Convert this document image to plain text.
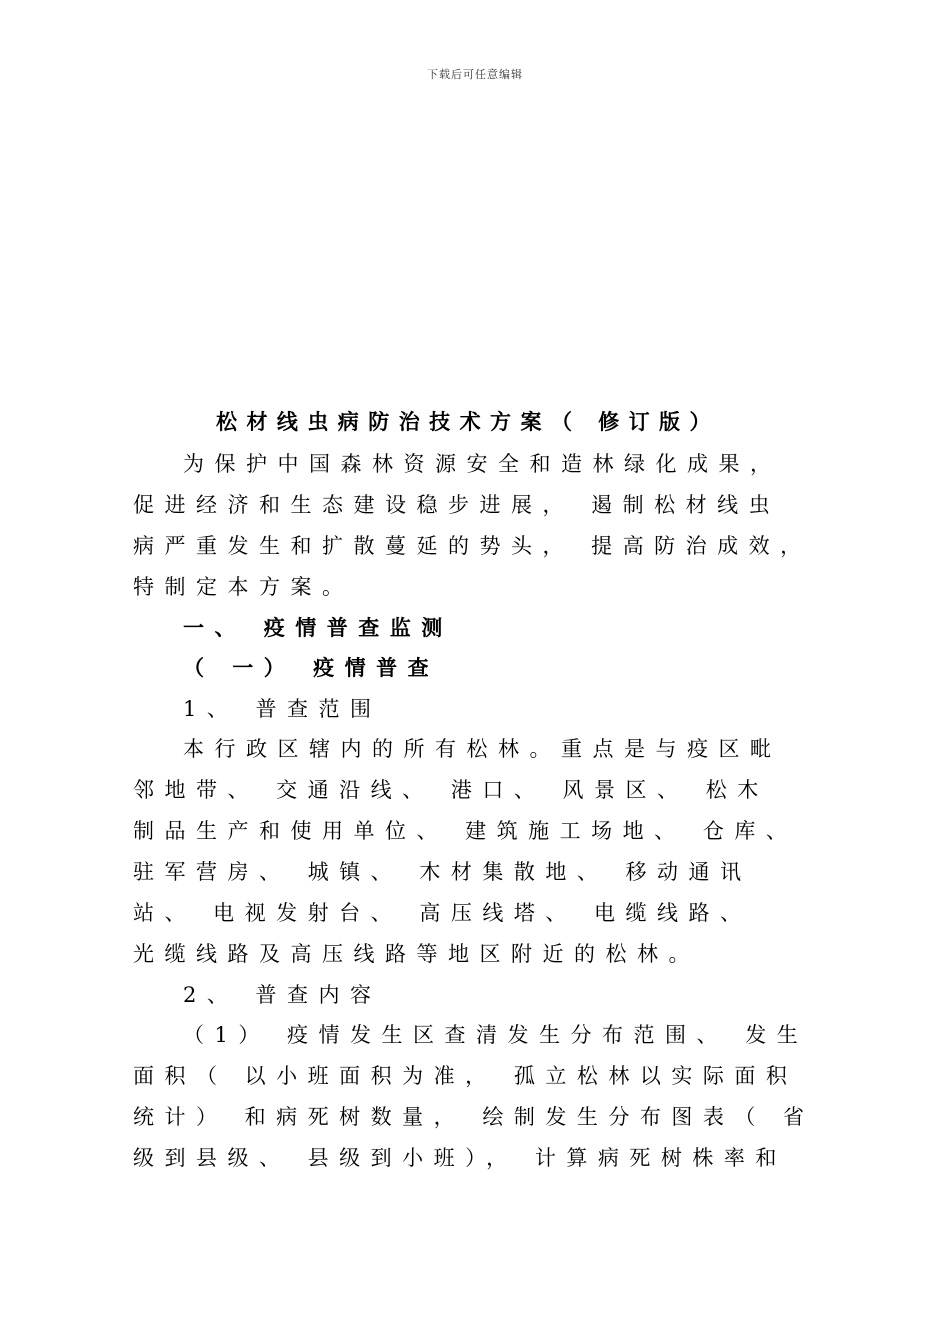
下载后可任意编辑
松材线虫病防治技术方案（ 修订版）
为保护中国森林资源安全和造林绿化成果，
促进经济和生态建设稳步进展， 遏制松材线虫
病严重发生和扩散蔓延的势头， 提高防治成效，
特制定本方案。
一、 疫情普查监测
（ 一） 疫情普查
1、 普查范围
本行政区辖内的所有松林。重点是与疫区毗
邻地带、 交通沿线、 港口、 风景区、 松木
制品生产和使用单位、 建筑施工场地、 仓库、
驻军营房、 城镇、 木材集散地、 移动通讯
站、 电视发射台、 高压线塔、 电缆线路、
光缆线路及高压线路等地区附近的松林。
2、 普查内容
（1） 疫情发生区查清发生分布范围、 发生
面积（ 以小班面积为准， 孤立松林以实际面积
统计） 和病死树数量， 绘制发生分布图表（ 省
级到县级、 县级到小班）， 计算病死树株率和
